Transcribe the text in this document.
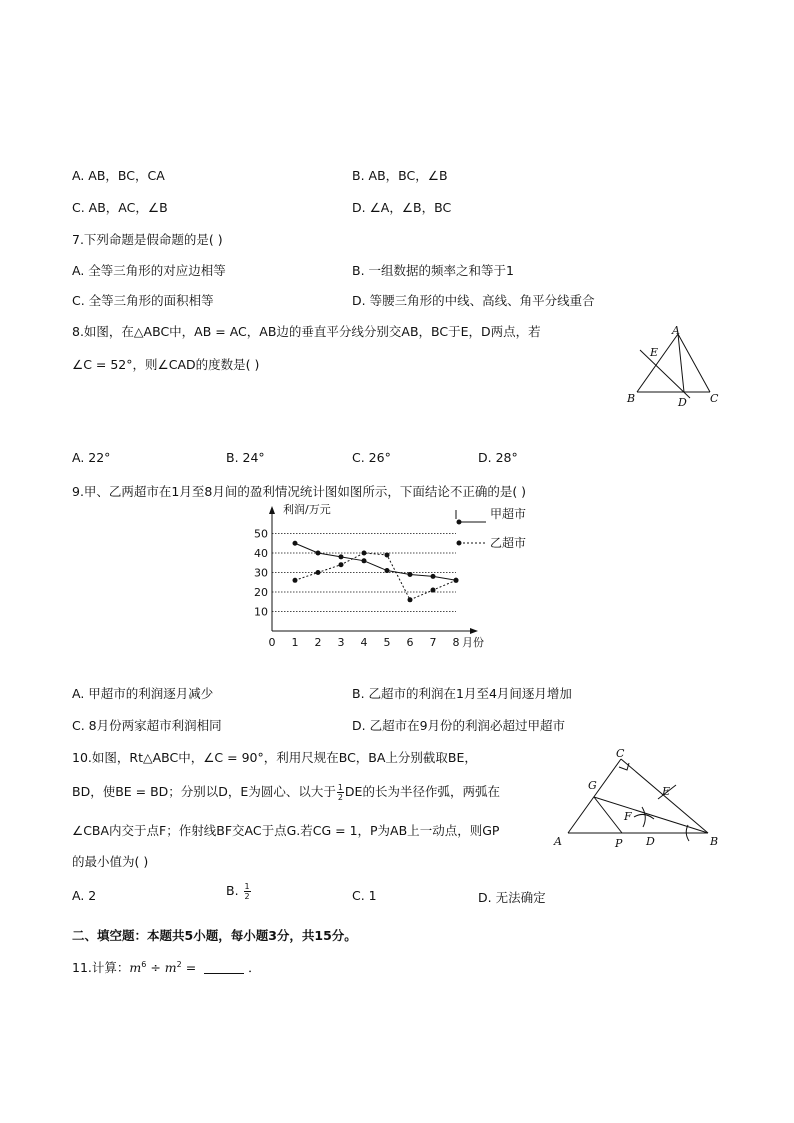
A. AB，BC，CA	B. AB，BC，∠B
C. AB，AC，∠B	D. ∠A，∠B，BC
7.下列命题是假命题的是( )
A. 全等三角形的对应边相等	B. 一组数据的频率之和等于1
C. 全等三角形的面积相等	D. 等腰三角形的中线、高线、角平分线重合
8.如图，在△ABC中，AB = AC，AB边的垂直平分线分别交AB，BC于E，D两点，若
∠C = 52°，则∠CAD的度数是( )
A
E
B	D C
A. 22°	B. 24°	C. 26°	D. 28°
9.甲、乙两超市在1月至8月间的盈利情况统计图如图所示，下面结论不正确的是( )
10
20
30
40
50
0 1 2 3 4 5 6 7 8
利润/万元
月份
甲超市
乙超市
A. 甲超市的利润逐月减少	B. 乙超市的利润在1月至4月间逐月增加
C. 8月份两家超市利润相同	D. 乙超市在9月份的利润必超过甲超市
10.如图，Rt△ABC中，∠C = 90°，利用尺规在BC，BA上分别截取BE，
BD，使BE = BD；分别以D，E为圆心、以大于 $\frac{1}{2}$ DE的长为半径作弧，两弧在
∠CBA内交于点F；作射线BF交AC于点G.若CG = 1，P为AB上一动点，则GP
的最小值为( )
C
G	E
F
A	P D	B
A. 2	B. $\frac{1}{2}$	C. 1	D. 无法确定
二、填空题：本题共5小题，每小题3分，共15分。
11.计算：$m^6 \div m^2$ =	．
